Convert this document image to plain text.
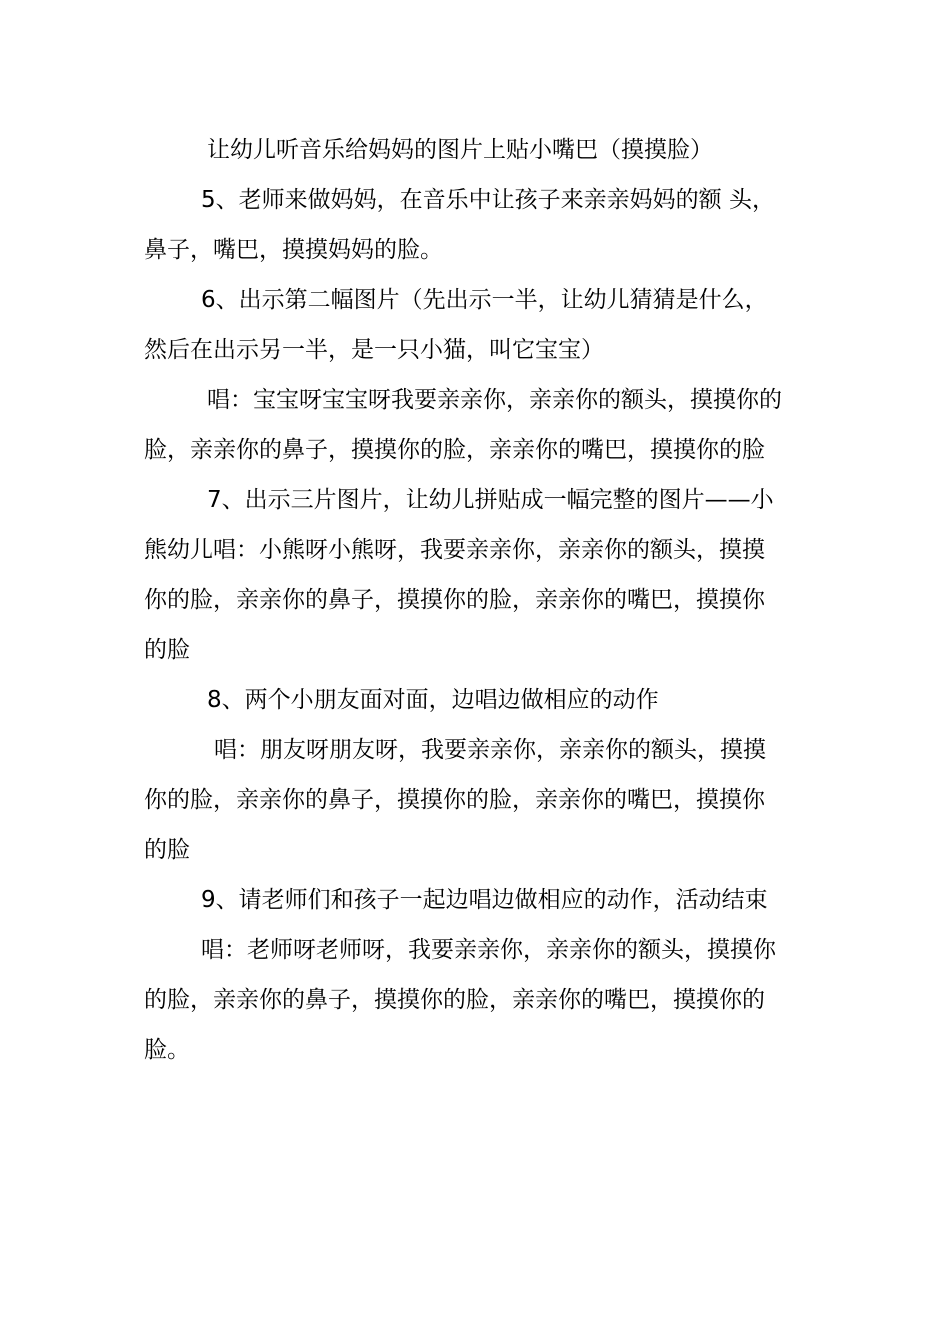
让幼儿听音乐给妈妈的图片上贴小嘴巴（摸摸脸）
5、老师来做妈妈，在音乐中让孩子来亲亲妈妈的额 头，
鼻子，嘴巴，摸摸妈妈的脸。
6、出示第二幅图片（先出示一半，让幼儿猜猜是什么，
然后在出示另一半，是一只小猫，叫它宝宝）
唱：宝宝呀宝宝呀我要亲亲你，亲亲你的额头，摸摸你的
脸，亲亲你的鼻子，摸摸你的脸，亲亲你的嘴巴，摸摸你的脸
7、出示三片图片，让幼儿拼贴成一幅完整的图片——小
熊幼儿唱：小熊呀小熊呀，我要亲亲你，亲亲你的额头，摸摸
你的脸，亲亲你的鼻子，摸摸你的脸，亲亲你的嘴巴，摸摸你
的脸
8、两个小朋友面对面，边唱边做相应的动作
唱：朋友呀朋友呀，我要亲亲你，亲亲你的额头，摸摸
你的脸，亲亲你的鼻子，摸摸你的脸，亲亲你的嘴巴，摸摸你
的脸
9、请老师们和孩子一起边唱边做相应的动作，活动结束
唱：老师呀老师呀，我要亲亲你，亲亲你的额头，摸摸你
的脸，亲亲你的鼻子，摸摸你的脸，亲亲你的嘴巴，摸摸你的
脸。
